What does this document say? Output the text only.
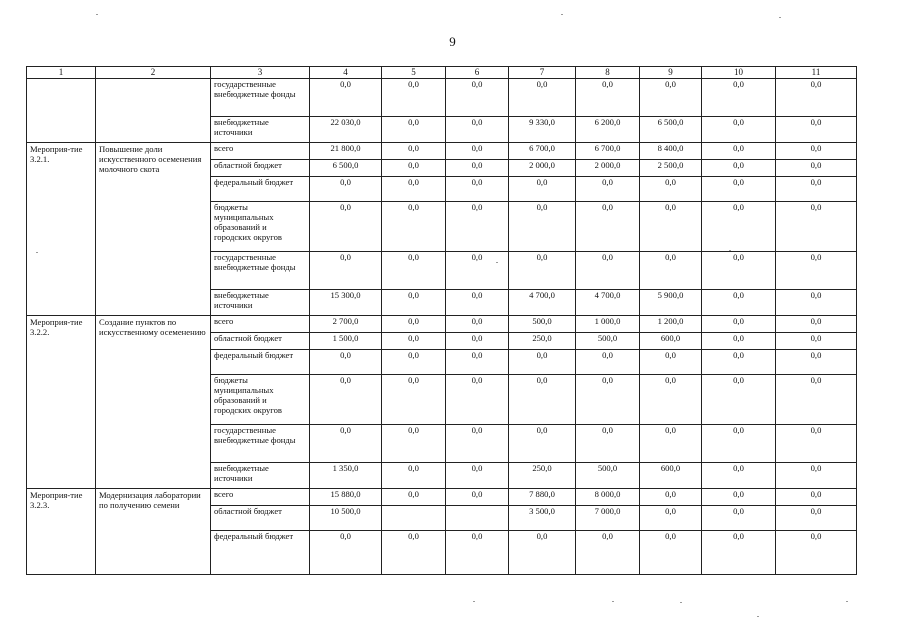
9
1	2	3	4	5	6	7	8	9	10	11
		государственные внебюджетные фонды	0,0	0,0	0,0	0,0	0,0	0,0	0,0	0,0
		внебюджетные источники	22 030,0	0,0	0,0	9 330,0	6 200,0	6 500,0	0,0	0,0
Мероприя-тие 3.2.1.	Повышение доли искусственного осеменения молочного скота	всего	21 800,0	0,0	0,0	6 700,0	6 700,0	8 400,0	0,0	0,0
		областной бюджет	6 500,0	0,0	0,0	2 000,0	2 000,0	2 500,0	0,0	0,0
		федеральный бюджет	0,0	0,0	0,0	0,0	0,0	0,0	0,0	0,0
		бюджеты муниципальных образований и городских округов	0,0	0,0	0,0	0,0	0,0	0,0	0,0	0,0
		государственные внебюджетные фонды	0,0	0,0	0,0	0,0	0,0	0,0	0,0	0,0
		внебюджетные источники	15 300,0	0,0	0,0	4 700,0	4 700,0	5 900,0	0,0	0,0
Мероприя-тие 3.2.2.	Создание пунктов по искусственному осеменению	всего	2 700,0	0,0	0,0	500,0	1 000,0	1 200,0	0,0	0,0
		областной бюджет	1 500,0	0,0	0,0	250,0	500,0	600,0	0,0	0,0
		федеральный бюджет	0,0	0,0	0,0	0,0	0,0	0,0	0,0	0,0
		бюджеты муниципальных образований и городских округов	0,0	0,0	0,0	0,0	0,0	0,0	0,0	0,0
		государственные внебюджетные фонды	0,0	0,0	0,0	0,0	0,0	0,0	0,0	0,0
		внебюджетные источники	1 350,0	0,0	0,0	250,0	500,0	600,0	0,0	0,0
Мероприя-тие 3.2.3.	Модернизация лаборатории по получению семени	всего	15 880,0	0,0	0,0	7 880,0	8 000,0	0,0	0,0	0,0
		областной бюджет	10 500,0			3 500,0	7 000,0	0,0	0,0	0,0
		федеральный бюджет	0,0	0,0	0,0	0,0	0,0	0,0	0,0	0,0
